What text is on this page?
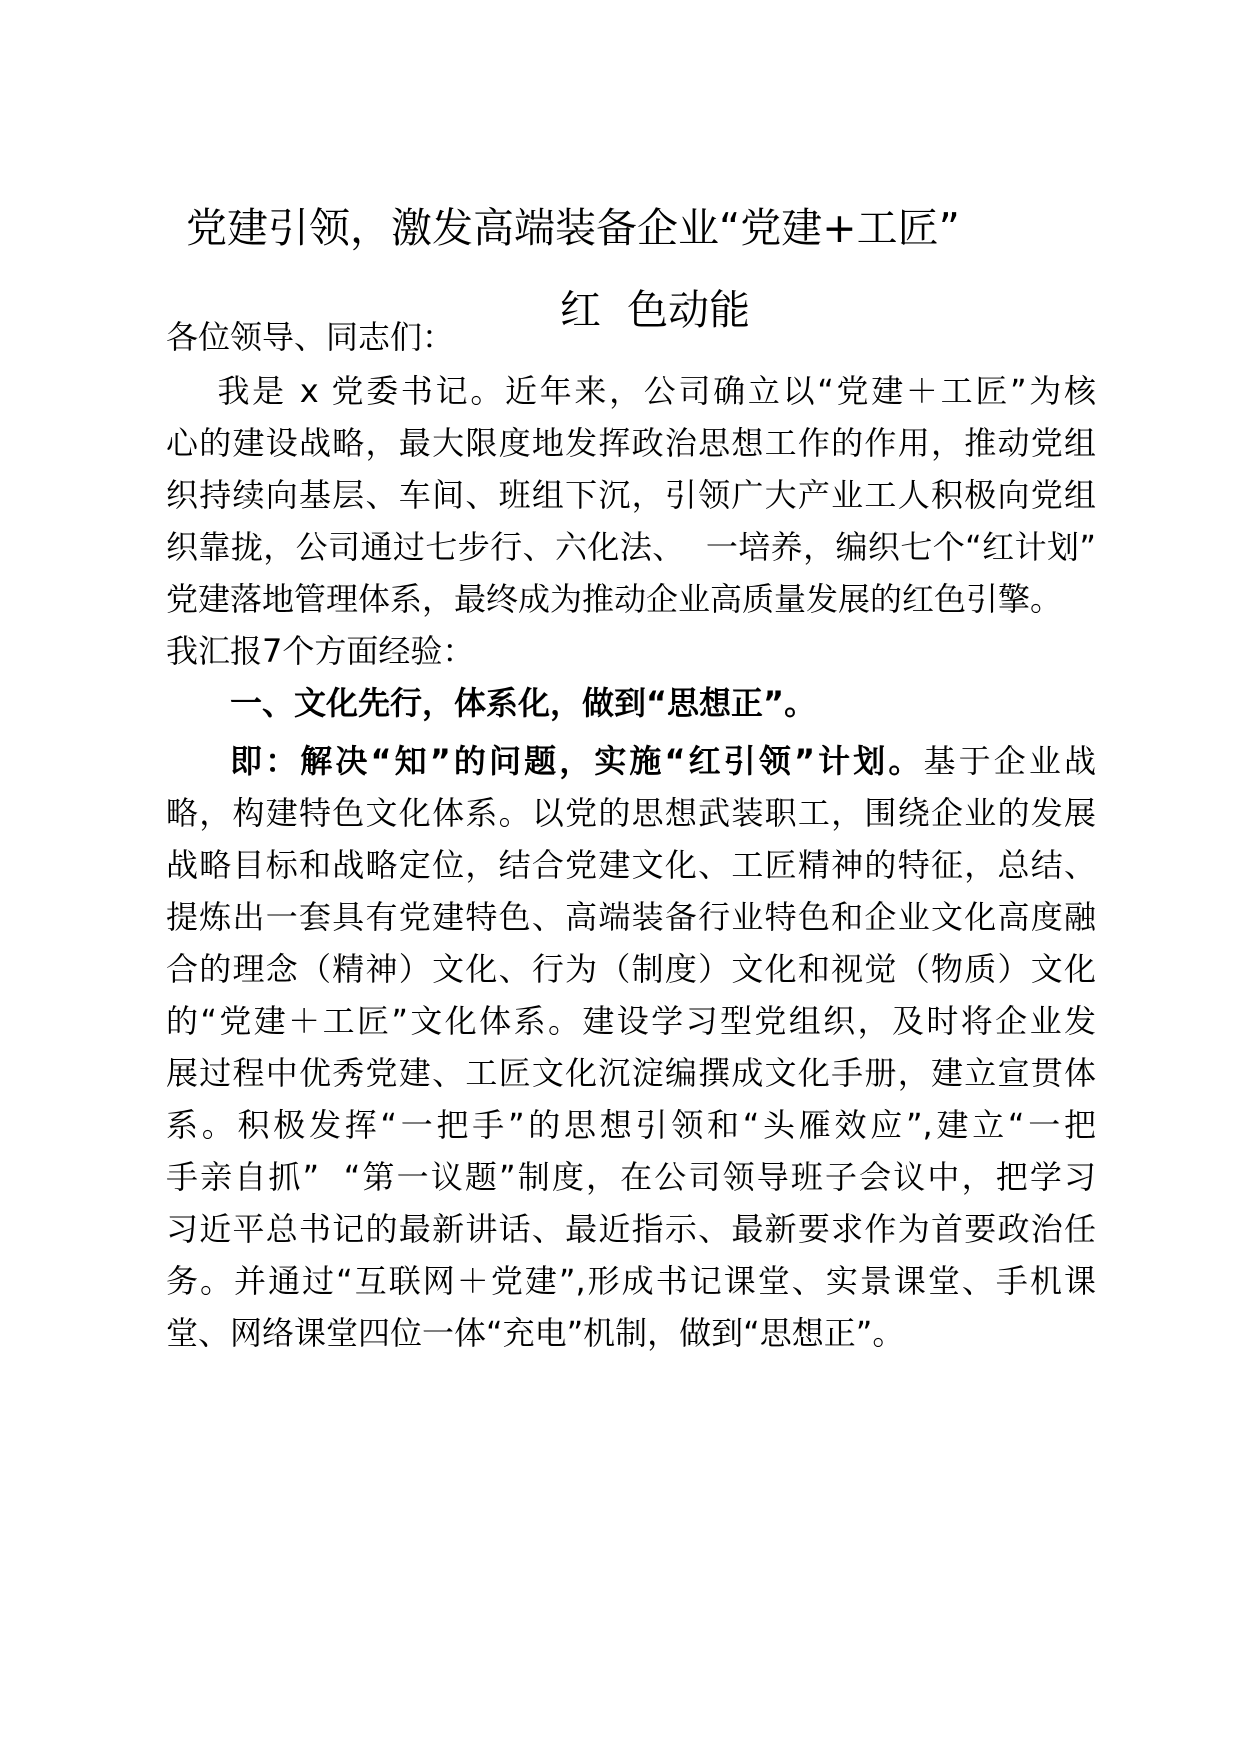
党建引领，激发高端装备企业“党建+工匠”
红  色动能
各位领导、同志们：
我是 x 党委书记。近年来，公司确立以“党建＋工匠”为核
心的建设战略，最大限度地发挥政治思想工作的作用，推动党组
织持续向基层、车间、班组下沉，引领广大产业工人积极向党组
织靠拢，公司通过七步行、六化法、  一培养，编织七个“红计划”
党建落地管理体系，最终成为推动企业高质量发展的红色引擎。
我汇报7个方面经验：
一、文化先行，体系化，做到“思想正”。
即：解决“知”的问题，实施“红引领”计划。基于企业战
略，构建特色文化体系。以党的思想武装职工，围绕企业的发展
战略目标和战略定位，结合党建文化、工匠精神的特征，总结、
提炼出一套具有党建特色、高端装备行业特色和企业文化高度融
合的理念（精神）文化、行为（制度）文化和视觉（物质）文化
的“党建＋工匠”文化体系。建设学习型党组织，及时将企业发
展过程中优秀党建、工匠文化沉淀编撰成文化手册，建立宣贯体
系。积极发挥“一把手”的思想引领和“头雁效应”,建立“一把
手亲自抓”  “第一议题”制度，在公司领导班子会议中，把学习
习近平总书记的最新讲话、最近指示、最新要求作为首要政治任
务。并通过“互联网＋党建”,形成书记课堂、实景课堂、手机课
堂、网络课堂四位一体“充电”机制，做到“思想正”。
